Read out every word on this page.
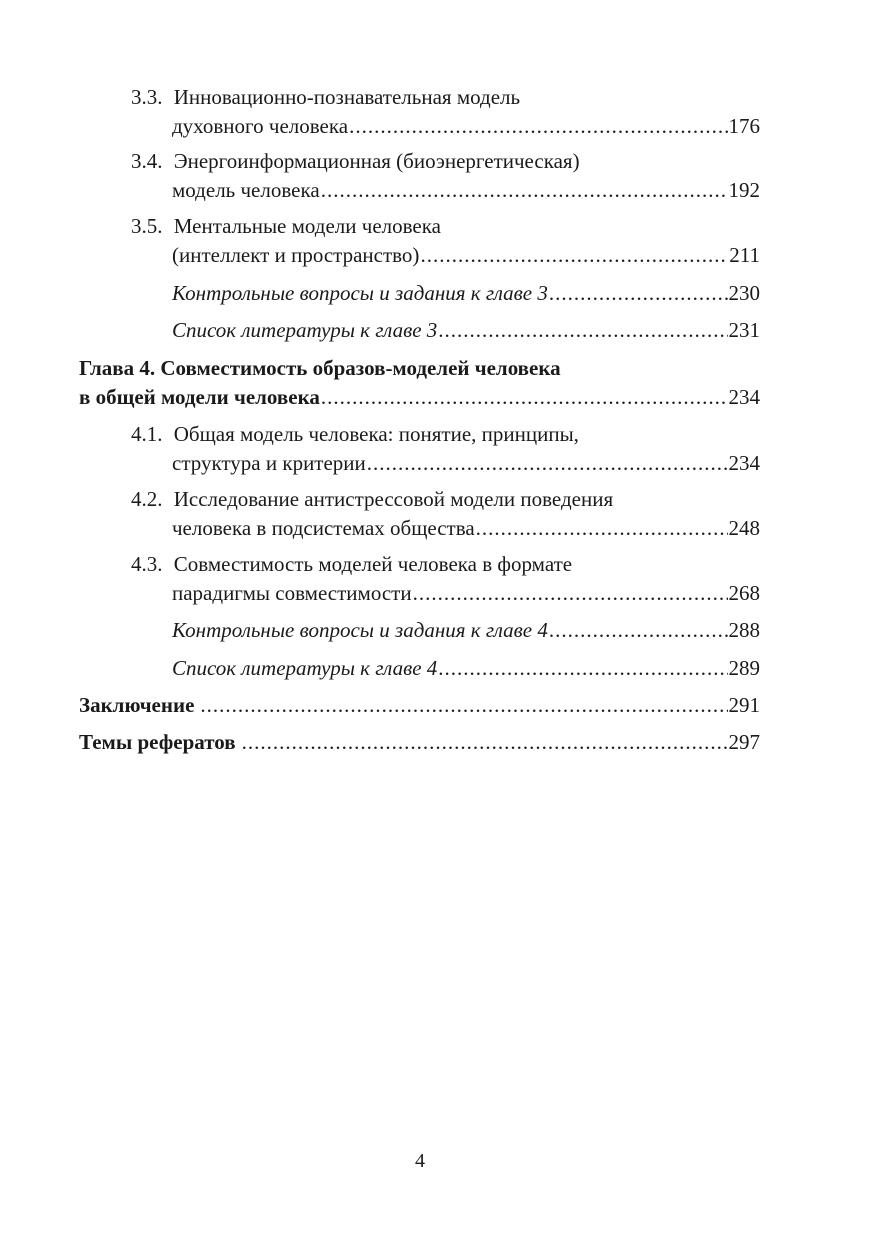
3.3. Инновационно-познавательная модель
духовного человека .....	176
3.4. Энергоинформационная (биоэнергетическая)
модель человека .....	192
3.5. Ментальные модели человека
(интеллект и пространство) .....	211
Контрольные вопросы и задания к главе 3 .....	230
Список литературы к главе 3 .....	231
Глава 4. Совместимость образов-моделей человека
в общей модели человека .....	234
4.1. Общая модель человека: понятие, принципы,
структура и критерии .....	234
4.2. Исследование антистрессовой модели поведения
человека в подсистемах общества .....	248
4.3. Совместимость моделей человека в формате
парадигмы совместимости .....	268
Контрольные вопросы и задания к главе 4 .....	288
Список литературы к главе 4 .....	289
Заключение .....	291
Темы рефератов .....	297
4
